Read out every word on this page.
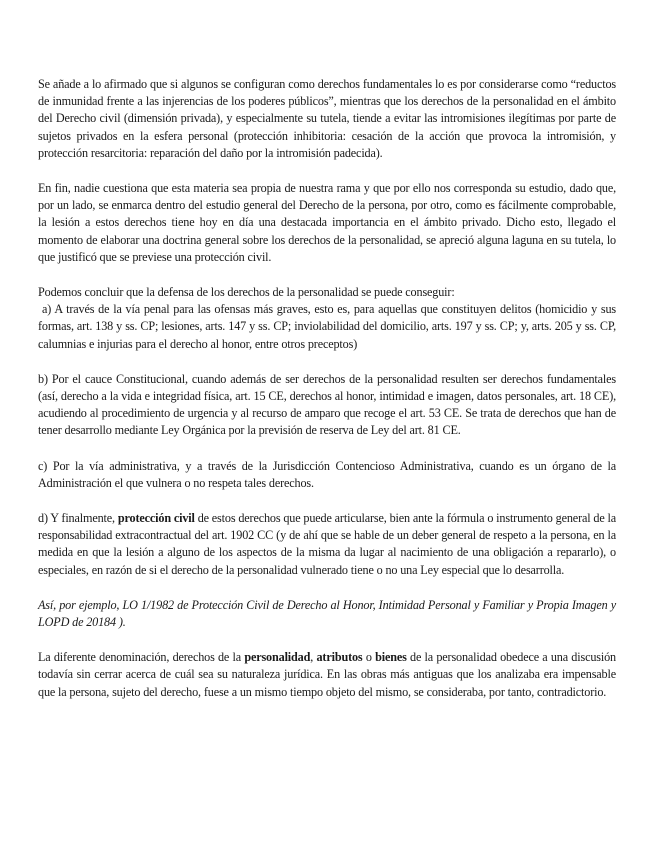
Se añade a lo afirmado que si algunos se configuran como derechos fundamentales lo es por considerarse como “reductos de inmunidad frente a las injerencias de los poderes públicos”, mientras que los derechos de la personalidad en el ámbito del Derecho civil (dimensión privada), y especialmente su tutela, tiende a evitar las intromisiones ilegítimas por parte de sujetos privados en la esfera personal (protección inhibitoria: cesación de la acción que provoca la intromisión, y protección resarcitoria: reparación del daño por la intromisión padecida).

En fin, nadie cuestiona que esta materia sea propia de nuestra rama y que por ello nos corresponda su estudio, dado que, por un lado, se enmarca dentro del estudio general del Derecho de la persona, por otro, como es fácilmente comprobable, la lesión a estos derechos tiene hoy en día una destacada importancia en el ámbito privado. Dicho esto, llegado el momento de elaborar una doctrina general sobre los derechos de la personalidad, se apreció alguna laguna en su tutela, lo que justificó que se previese una protección civil.

Podemos concluir que la defensa de los derechos de la personalidad se puede conseguir:

a) A través de la vía penal para las ofensas más graves, esto es, para aquellas que constituyen delitos (homicidio y sus formas, art. 138 y ss. CP; lesiones, arts. 147 y ss. CP; inviolabilidad del domicilio, arts. 197 y ss. CP; y, arts. 205 y ss. CP, calumnias e injurias para el derecho al honor, entre otros preceptos)

b) Por el cauce Constitucional, cuando además de ser derechos de la personalidad resulten ser derechos fundamentales (así, derecho a la vida e integridad física, art. 15 CE, derechos al honor, intimidad e imagen, datos personales, art. 18 CE), acudiendo al procedimiento de urgencia y al recurso de amparo que recoge el art. 53 CE. Se trata de derechos que han de tener desarrollo mediante Ley Orgánica por la previsión de reserva de Ley del art. 81 CE.

c) Por la vía administrativa, y a través de la Jurisdicción Contencioso Administrativa, cuando es un órgano de la Administración el que vulnera o no respeta tales derechos.

d) Y finalmente, protección civil de estos derechos que puede articularse, bien ante la fórmula o instrumento general de la responsabilidad extracontractual del art. 1902 CC (y de ahí que se hable de un deber general de respeto a la persona, en la medida en que la lesión a alguno de los aspectos de la misma da lugar al nacimiento de una obligación a repararlo), o especiales, en razón de si el derecho de la personalidad vulnerado tiene o no una Ley especial que lo desarrolla.

Así, por ejemplo, LO 1/1982 de Protección Civil de Derecho al Honor, Intimidad Personal y Familiar y Propia Imagen y LOPD de 20184 ).

La diferente denominación, derechos de la personalidad, atributos o bienes de la personalidad obedece a una discusión todavía sin cerrar acerca de cuál sea su naturaleza jurídica. En las obras más antiguas que los analizaba era impensable que la persona, sujeto del derecho, fuese a un mismo tiempo objeto del mismo, se consideraba, por tanto, contradictorio.
